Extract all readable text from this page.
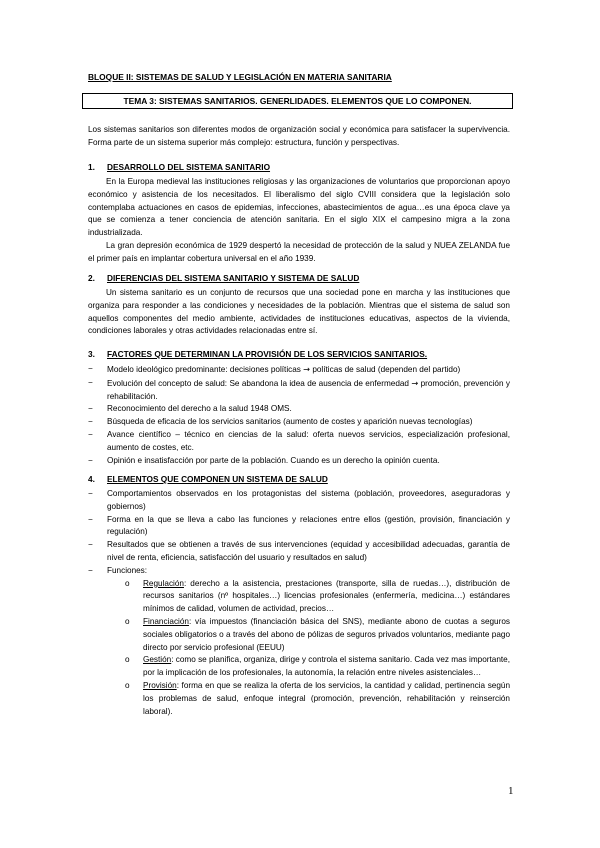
BLOQUE II: SISTEMAS DE SALUD Y LEGISLACIÓN EN MATERIA SANITARIA
TEMA 3: SISTEMAS SANITARIOS. GENERLIDADES. ELEMENTOS QUE LO COMPONEN.
Los sistemas sanitarios son diferentes modos de organización social y económica para satisfacer la supervivencia. Forma parte de un sistema superior más complejo: estructura, función y perspectivas.
1. DESARROLLO DEL SISTEMA SANITARIO
En la Europa medieval las instituciones religiosas y las organizaciones de voluntarios que proporcionan apoyo económico y asistencia de los necesitados. El liberalismo del siglo CVIII considera que la legislación solo contemplaba actuaciones en casos de epidemias, infecciones, abastecimientos de agua…es una época clave ya que se comienza a tener conciencia de atención sanitaria. En el siglo XIX el campesino migra a la zona industrializada.
La gran depresión económica de 1929 despertó la necesidad de protección de la salud y NUEA ZELANDA fue el primer país en implantar cobertura universal en el año 1939.
2. DIFERENCIAS DEL SISTEMA SANITARIO Y SISTEMA DE SALUD
Un sistema sanitario es un conjunto de recursos que una sociedad pone en marcha y las instituciones que organiza para responder a las condiciones y necesidades de la población. Mientras que el sistema de salud son aquellos componentes del medio ambiente, actividades de instituciones educativas, aspectos de la vivienda, condiciones laborales y otras actividades relacionadas entre sí.
3. FACTORES QUE DETERMINAN LA PROVISIÓN DE LOS SERVICIOS SANITARIOS.
− Modelo ideológico predominante: decisiones políticas → políticas de salud (dependen del partido)
− Evolución del concepto de salud: Se abandona la idea de ausencia de enfermedad → promoción, prevención y rehabilitación.
− Reconocimiento del derecho a la salud 1948 OMS.
− Búsqueda de eficacia de los servicios sanitarios (aumento de costes y aparición nuevas tecnologías)
− Avance científico – técnico en ciencias de la salud: oferta nuevos servicios, especialización profesional, aumento de costes, etc.
− Opinión e insatisfacción por parte de la población. Cuando es un derecho la opinión cuenta.
4. ELEMENTOS QUE COMPONEN UN SISTEMA DE SALUD
− Comportamientos observados en los protagonistas del sistema (población, proveedores, aseguradoras y gobiernos)
− Forma en la que se lleva a cabo las funciones y relaciones entre ellos (gestión, provisión, financiación y regulación)
− Resultados que se obtienen a través de sus intervenciones (equidad y accesibilidad adecuadas, garantía de nivel de renta, eficiencia, satisfacción del usuario y resultados en salud)
− Funciones:
o Regulación: derecho a la asistencia, prestaciones (transporte, silla de ruedas…), distribución de recursos sanitarios (nº hospitales…) licencias profesionales (enfermería, medicina…) estándares mínimos de calidad, volumen de actividad, precios…
o Financiación: vía impuestos (financiación básica del SNS), mediante abono de cuotas a seguros sociales obligatorios o a través del abono de pólizas de seguros privados voluntarios, mediante pago directo por servicio profesional (EEUU)
o Gestión: como se planifica, organiza, dirige y controla el sistema sanitario. Cada vez mas importante, por la implicación de los profesionales, la autonomía, la relación entre niveles asistenciales…
o Provisión: forma en que se realiza la oferta de los servicios, la cantidad y calidad, pertinencia según los problemas de salud, enfoque integral (promoción, prevención, rehabilitación y reinserción laboral).
1
